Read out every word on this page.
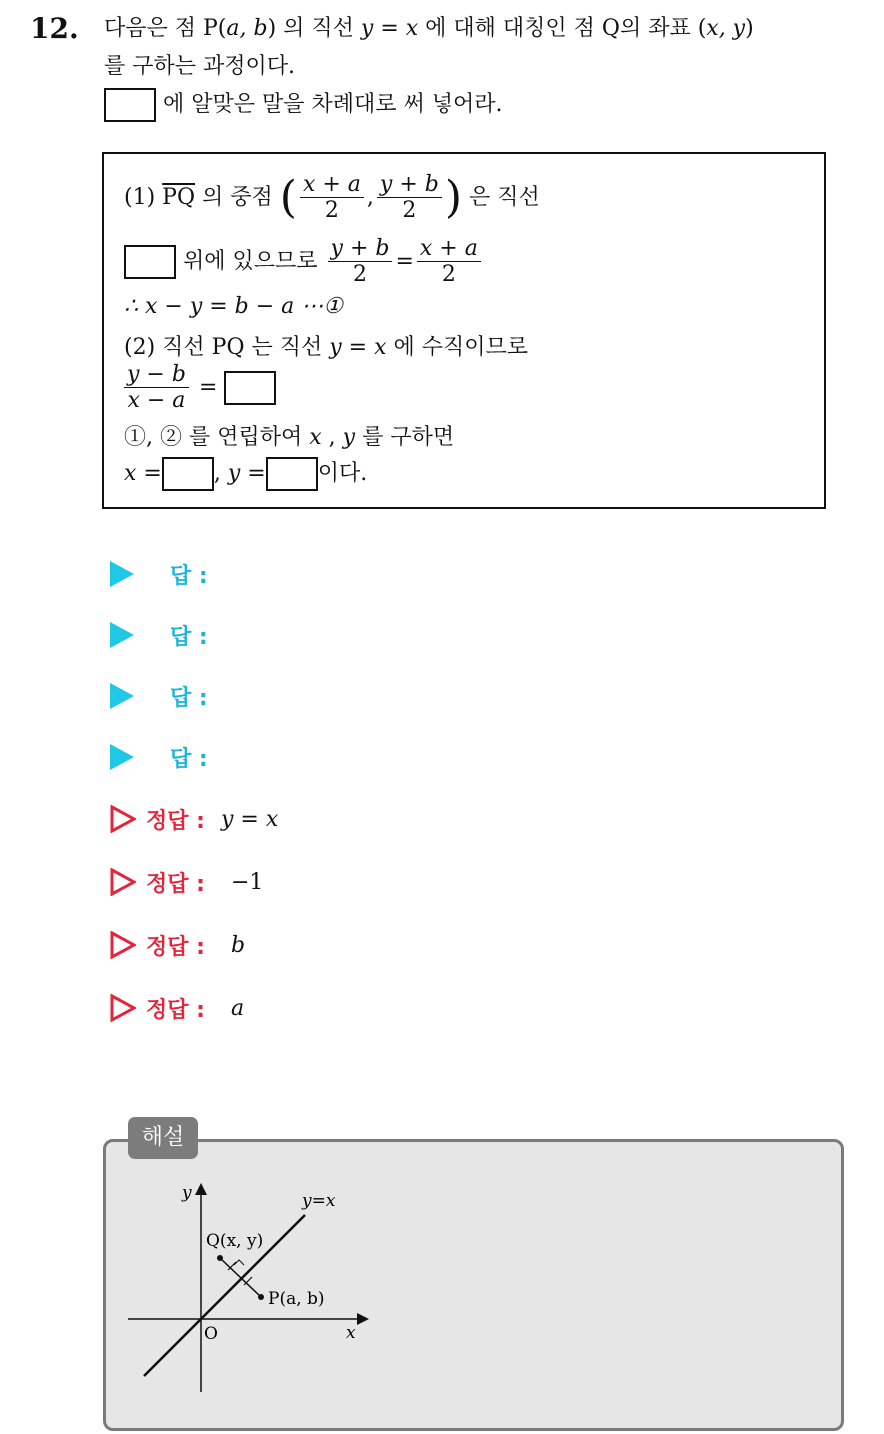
12. 다음은 점 P(a, b) 의 직선 y = x 에 대해 대칭인 점 Q의 좌표 (x, y)
를 구하는 과정이다.
에 알맞은 말을 차례대로 써 넣어라.
(1) $\overline{PQ}$ 의 중점 ( $\frac{x + a}{2}$ , $\frac{y + b}{2}$ ) 은 직선
위에 있으므로 $\frac{y + b}{2} = \frac{x + a}{2}$
∴ x − y = b − a ⋯①
(2) 직선 PQ 는 직선 y = x 에 수직이므로
$\frac{y - b}{x - a}$ =
①, ② 를 연립하여 x , y 를 구하면
x = , y = 이다.
답 :
답 :
답 :
답 :
정답 : y = x
정답 : −1
정답 : b
정답 : a
y
x
y=x
O
Q(x, y)
P(a, b)
해설
